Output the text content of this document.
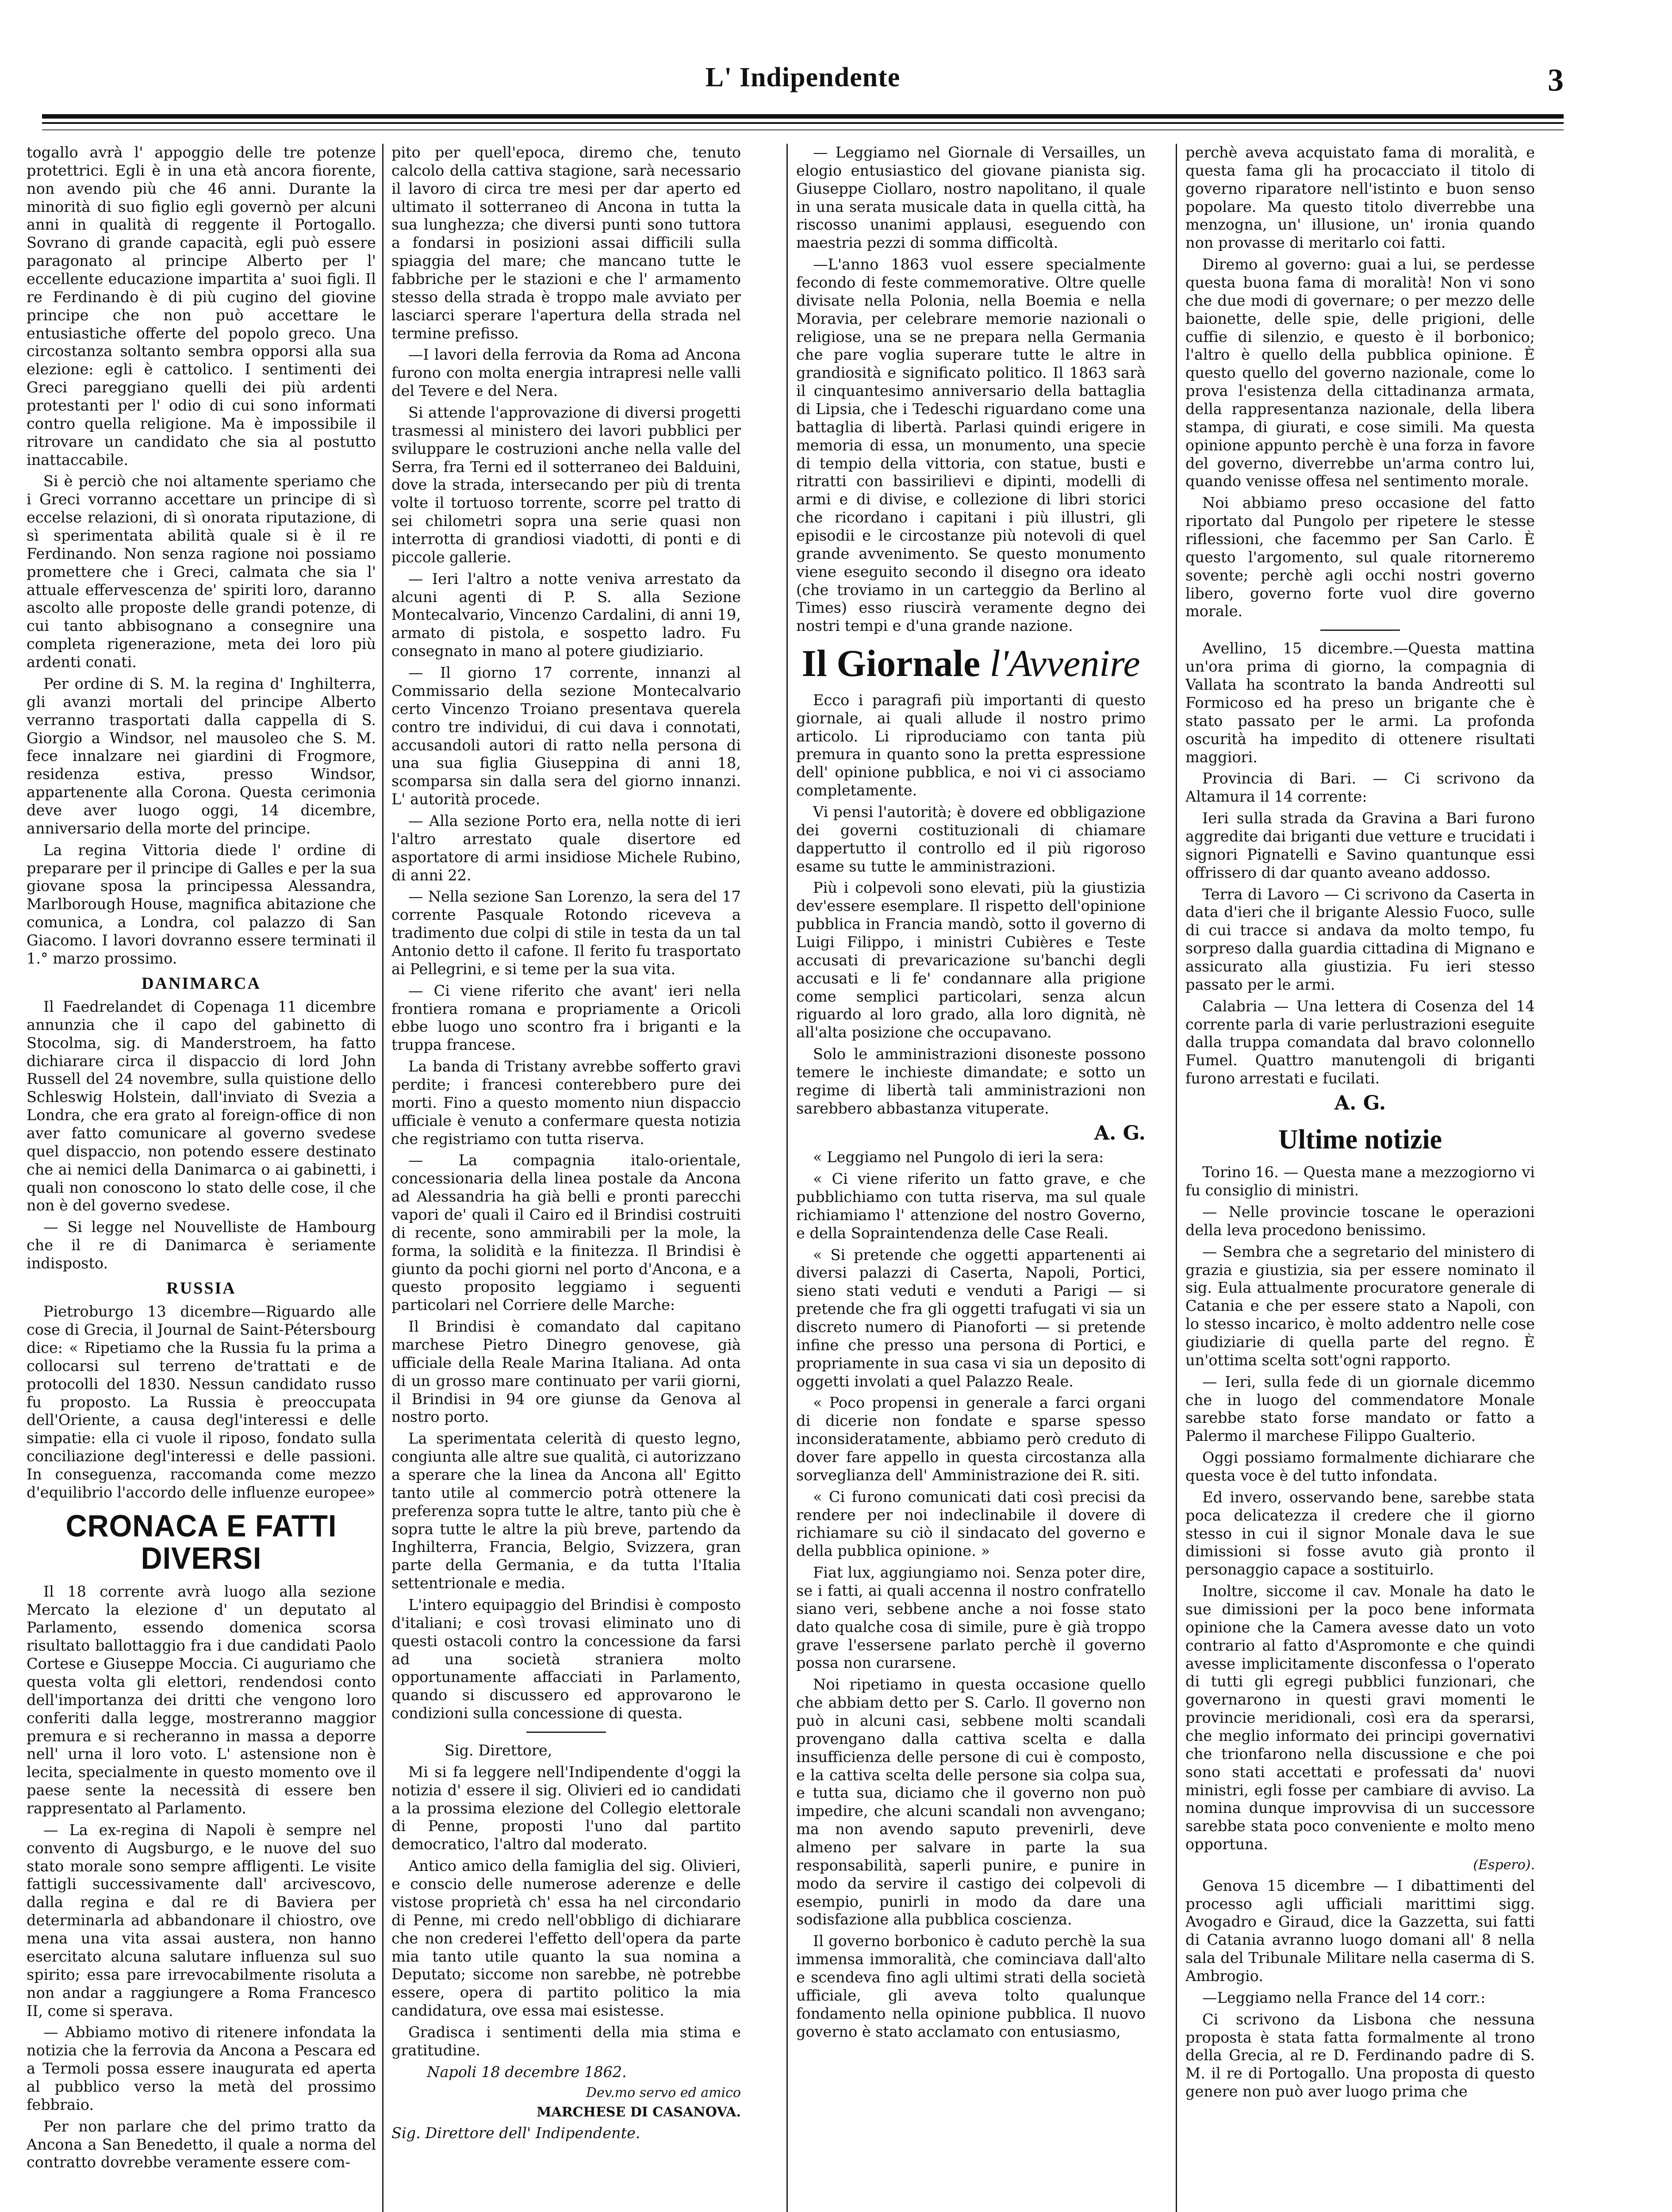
L' Indipendente	3

togallo avrà l' appoggio delle tre potenze protettrici. Egli è in una età ancora fiorente, non avendo più che 46 anni. Durante la minorità di suo figlio egli governò per alcuni anni in qualità di reggente il Portogallo. Sovrano di grande capacità, egli può essere paragonato al principe Alberto per l' eccellente educazione impartita a' suoi figli. Il re Ferdinando è di più cugino del giovine principe che non può accettare le entusiastiche offerte del popolo greco. Una circostanza soltanto sembra opporsi alla sua elezione: egli è cattolico. I sentimenti dei Greci pareggiano quelli dei più ardenti protestanti per l' odio di cui sono informati contro quella religione. Ma è impossibile il ritrovare un candidato che sia al postutto inattaccabile.

Si è perciò che noi altamente speriamo che i Greci vorranno accettare un principe di sì eccelse relazioni, di sì onorata riputazione, di sì sperimentata abilità quale si è il re Ferdinando. Non senza ragione noi possiamo promettere che i Greci, calmata che sia l' attuale effervescenza de' spiriti loro, daranno ascolto alle proposte delle grandi potenze, di cui tanto abbisognano a consegnire una completa rigenerazione, meta dei loro più ardenti conati.

Per ordine di S. M. la regina d' Inghilterra, gli avanzi mortali del principe Alberto verranno trasportati dalla cappella di S. Giorgio a Windsor, nel mausoleo che S. M. fece innalzare nei giardini di Frogmore, residenza estiva, presso Windsor, appartenente alla Corona. Questa cerimonia deve aver luogo oggi, 14 dicembre, anniversario della morte del principe.

La regina Vittoria diede l' ordine di preparare per il principe di Galles e per la sua giovane sposa la principessa Alessandra, Marlborough House, magnifica abitazione che comunica, a Londra, col palazzo di San Giacomo. I lavori dovranno essere terminati il 1.° marzo prossimo.

DANIMARCA

Il Faedrelandet di Copenaga 11 dicembre annunzia che il capo del gabinetto di Stocolma, sig. di Manderstroem, ha fatto dichiarare circa il dispaccio di lord John Russell del 24 novembre, sulla quistione dello Schleswig Holstein, dall'inviato di Svezia a Londra, che era grato al foreign-office di non aver fatto comunicare al governo svedese quel dispaccio, non potendo essere destinato che ai nemici della Danimarca o ai gabinetti, i quali non conoscono lo stato delle cose, il che non è del governo svedese.

— Si legge nel Nouvelliste de Hambourg che il re di Danimarca è seriamente indisposto.

RUSSIA

Pietroburgo 13 dicembre—Riguardo alle cose di Grecia, il Journal de Saint-Pétersbourg dice: « Ripetiamo che la Russia fu la prima a collocarsi sul terreno de'trattati e de protocolli del 1830. Nessun candidato russo fu proposto. La Russia è preoccupata dell'Oriente, a causa degl'interessi e delle simpatie: ella ci vuole il riposo, fondato sulla conciliazione degl'interessi e delle passioni. In conseguenza, raccomanda come mezzo d'equilibrio l'accordo delle influenze europee»

CRONACA E FATTI DIVERSI

Il 18 corrente avrà luogo alla sezione Mercato la elezione d' un deputato al Parlamento, essendo domenica scorsa risultato ballottaggio fra i due candidati Paolo Cortese e Giuseppe Moccia. Ci auguriamo che questa volta gli elettori, rendendosi conto dell'importanza dei dritti che vengono loro conferiti dalla legge, mostreranno maggior premura e si recheranno in massa a deporre nell' urna il loro voto. L' astensione non è lecita, specialmente in questo momento ove il paese sente la necessità di essere ben rappresentato al Parlamento.

— La ex-regina di Napoli è sempre nel convento di Augsburgo, e le nuove del suo stato morale sono sempre affligenti. Le visite fattigli successivamente dall' arcivescovo, dalla regina e dal re di Baviera per determinarla ad abbandonare il chiostro, ove mena una vita assai austera, non hanno esercitato alcuna salutare influenza sul suo spirito; essa pare irrevocabilmente risoluta a non andar a raggiungere a Roma Francesco II, come si sperava.

— Abbiamo motivo di ritenere infondata la notizia che la ferrovia da Ancona a Pescara ed a Termoli possa essere inaugurata ed aperta al pubblico verso la metà del prossimo febbraio.

Per non parlare che del primo tratto da Ancona a San Benedetto, il quale a norma del contratto dovrebbe veramente essere com-

pito per quell'epoca, diremo che, tenuto calcolo della cattiva stagione, sarà necessario il lavoro di circa tre mesi per dar aperto ed ultimato il sotterraneo di Ancona in tutta la sua lunghezza; che diversi punti sono tuttora a fondarsi in posizioni assai difficili sulla spiaggia del mare; che mancano tutte le fabbriche per le stazioni e che l' armamento stesso della strada è troppo male avviato per lasciarci sperare l'apertura della strada nel termine prefisso.

—I lavori della ferrovia da Roma ad Ancona furono con molta energia intrapresi nelle valli del Tevere e del Nera.

Si attende l'approvazione di diversi progetti trasmessi al ministero dei lavori pubblici per sviluppare le costruzioni anche nella valle del Serra, fra Terni ed il sotterraneo dei Balduini, dove la strada, intersecando per più di trenta volte il tortuoso torrente, scorre pel tratto di sei chilometri sopra una serie quasi non interrotta di grandiosi viadotti, di ponti e di piccole gallerie.

— Ieri l'altro a notte veniva arrestato da alcuni agenti di P. S. alla Sezione Montecalvario, Vincenzo Cardalini, di anni 19, armato di pistola, e sospetto ladro. Fu consegnato in mano al potere giudiziario.

— Il giorno 17 corrente, innanzi al Commissario della sezione Montecalvario certo Vincenzo Troiano presentava querela contro tre individui, di cui dava i connotati, accusandoli autori di ratto nella persona di una sua figlia Giuseppina di anni 18, scomparsa sin dalla sera del giorno innanzi. L' autorità procede.

— Alla sezione Porto era, nella notte di ieri l'altro arrestato quale disertore ed asportatore di armi insidiose Michele Rubino, di anni 22.

— Nella sezione San Lorenzo, la sera del 17 corrente Pasquale Rotondo riceveva a tradimento due colpi di stile in testa da un tal Antonio detto il cafone. Il ferito fu trasportato ai Pellegrini, e si teme per la sua vita.

— Ci viene riferito che avant' ieri nella frontiera romana e propriamente a Oricoli ebbe luogo uno scontro fra i briganti e la truppa francese.

La banda di Tristany avrebbe sofferto gravi perdite; i francesi conterebbero pure dei morti. Fino a questo momento niun dispaccio ufficiale è venuto a confermare questa notizia che registriamo con tutta riserva.

— La compagnia italo-orientale, concessionaria della linea postale da Ancona ad Alessandria ha già belli e pronti parecchi vapori de' quali il Cairo ed il Brindisi costruiti di recente, sono ammirabili per la mole, la forma, la solidità e la finitezza. Il Brindisi è giunto da pochi giorni nel porto d'Ancona, e a questo proposito leggiamo i seguenti particolari nel Corriere delle Marche:

Il Brindisi è comandato dal capitano marchese Pietro Dinegro genovese, già ufficiale della Reale Marina Italiana. Ad onta di un grosso mare continuato per varii giorni, il Brindisi in 94 ore giunse da Genova al nostro porto.

La sperimentata celerità di questo legno, congiunta alle altre sue qualità, ci autorizzano a sperare che la linea da Ancona all' Egitto tanto utile al commercio potrà ottenere la preferenza sopra tutte le altre, tanto più che è sopra tutte le altre la più breve, partendo da Inghilterra, Francia, Belgio, Svizzera, gran parte della Germania, e da tutta l'Italia settentrionale e media.

L'intero equipaggio del Brindisi è composto d'italiani; e così trovasi eliminato uno di questi ostacoli contro la concessione da farsi ad una società straniera molto opportunamente affacciati in Parlamento, quando si discussero ed approvarono le condizioni sulla concessione di questa.

Sig. Direttore,

Mi si fa leggere nell'Indipendente d'oggi la notizia d' essere il sig. Olivieri ed io candidati a la prossima elezione del Collegio elettorale di Penne, proposti l'uno dal partito democratico, l'altro dal moderato.

Antico amico della famiglia del sig. Olivieri, e conscio delle numerose aderenze e delle vistose proprietà ch' essa ha nel circondario di Penne, mi credo nell'obbligo di dichiarare che non crederei l'effetto dell'opera da parte mia tanto utile quanto la sua nomina a Deputato; siccome non sarebbe, nè potrebbe essere, opera di partito politico la mia candidatura, ove essa mai esistesse.

Gradisca i sentimenti della mia stima e gratitudine.

Napoli 18 decembre 1862.

Dev.mo servo ed amico

MARCHESE DI CASANOVA.

Sig. Direttore dell' Indipendente.

— Leggiamo nel Giornale di Versailles, un elogio entusiastico del giovane pianista sig. Giuseppe Ciollaro, nostro napolitano, il quale in una serata musicale data in quella città, ha riscosso unanimi applausi, eseguendo con maestria pezzi di somma difficoltà.

—L'anno 1863 vuol essere specialmente fecondo di feste commemorative. Oltre quelle divisate nella Polonia, nella Boemia e nella Moravia, per celebrare memorie nazionali o religiose, una se ne prepara nella Germania che pare voglia superare tutte le altre in grandiosità e significato politico. Il 1863 sarà il cinquantesimo anniversario della battaglia di Lipsia, che i Tedeschi riguardano come una battaglia di libertà. Parlasi quindi erigere in memoria di essa, un monumento, una specie di tempio della vittoria, con statue, busti e ritratti con bassirilievi e dipinti, modelli di armi e di divise, e collezione di libri storici che ricordano i capitani i più illustri, gli episodii e le circostanze più notevoli di quel grande avvenimento. Se questo monumento viene eseguito secondo il disegno ora ideato (che troviamo in un carteggio da Berlino al Times) esso riuscirà veramente degno dei nostri tempi e d'una grande nazione.

Il Giornale l'Avvenire

Ecco i paragrafi più importanti di questo giornale, ai quali allude il nostro primo articolo. Li riproduciamo con tanta più premura in quanto sono la pretta espressione dell' opinione pubblica, e noi vi ci associamo completamente.

Vi pensi l'autorità; è dovere ed obbligazione dei governi costituzionali di chiamare dappertutto il controllo ed il più rigoroso esame su tutte le amministrazioni.

Più i colpevoli sono elevati, più la giustizia dev'essere esemplare. Il rispetto dell'opinione pubblica in Francia mandò, sotto il governo di Luigi Filippo, i ministri Cubières e Teste accusati di prevaricazione su'banchi degli accusati e li fe' condannare alla prigione come semplici particolari, senza alcun riguardo al loro grado, alla loro dignità, nè all'alta posizione che occupavano.

Solo le amministrazioni disoneste possono temere le inchieste dimandate; e sotto un regime di libertà tali amministrazioni non sarebbero abbastanza vituperate.

A. G.

« Leggiamo nel Pungolo di ieri la sera:

« Ci viene riferito un fatto grave, e che pubblichiamo con tutta riserva, ma sul quale richiamiamo l' attenzione del nostro Governo, e della Sopraintendenza delle Case Reali.

« Si pretende che oggetti appartenenti ai diversi palazzi di Caserta, Napoli, Portici, sieno stati veduti e venduti a Parigi — si pretende che fra gli oggetti trafugati vi sia un discreto numero di Pianoforti — si pretende infine che presso una persona di Portici, e propriamente in sua casa vi sia un deposito di oggetti involati a quel Palazzo Reale.

« Poco propensi in generale a farci organi di dicerie non fondate e sparse spesso inconsideratamente, abbiamo però creduto di dover fare appello in questa circostanza alla sorveglianza dell' Amministrazione dei R. siti.

« Ci furono comunicati dati così precisi da rendere per noi indeclinabile il dovere di richiamare su ciò il sindacato del governo e della pubblica opinione. »

Fiat lux, aggiungiamo noi. Senza poter dire, se i fatti, ai quali accenna il nostro confratello siano veri, sebbene anche a noi fosse stato dato qualche cosa di simile, pure è già troppo grave l'essersene parlato perchè il governo possa non curarsene.

Noi ripetiamo in questa occasione quello che abbiam detto per S. Carlo. Il governo non può in alcuni casi, sebbene molti scandali provengano dalla cattiva scelta e dalla insufficienza delle persone di cui è composto, e la cattiva scelta delle persone sia colpa sua, e tutta sua, diciamo che il governo non può impedire, che alcuni scandali non avvengano; ma non avendo saputo prevenirli, deve almeno per salvare in parte la sua responsabilità, saperli punire, e punire in modo da servire il castigo dei colpevoli di esempio, punirli in modo da dare una sodisfazione alla pubblica coscienza.

Il governo borbonico è caduto perchè la sua immensa immoralità, che cominciava dall'alto e scendeva fino agli ultimi strati della società ufficiale, gli aveva tolto qualunque fondamento nella opinione pubblica. Il nuovo governo è stato acclamato con entusiasmo,

perchè aveva acquistato fama di moralità, e questa fama gli ha procacciato il titolo di governo riparatore nell'istinto e buon senso popolare. Ma questo titolo diverrebbe una menzogna, un' illusione, un' ironia quando non provasse di meritarlo coi fatti.

Diremo al governo: guai a lui, se perdesse questa buona fama di moralità! Non vi sono che due modi di governare; o per mezzo delle baionette, delle spie, delle prigioni, delle cuffie di silenzio, e questo è il borbonico; l'altro è quello della pubblica opinione. È questo quello del governo nazionale, come lo prova l'esistenza della cittadinanza armata, della rappresentanza nazionale, della libera stampa, di giurati, e cose simili. Ma questa opinione appunto perchè è una forza in favore del governo, diverrebbe un'arma contro lui, quando venisse offesa nel sentimento morale.

Noi abbiamo preso occasione del fatto riportato dal Pungolo per ripetere le stesse riflessioni, che facemmo per San Carlo. È questo l'argomento, sul quale ritorneremo sovente; perchè agli occhi nostri governo libero, governo forte vuol dire governo morale.

Avellino, 15 dicembre.—Questa mattina un'ora prima di giorno, la compagnia di Vallata ha scontrato la banda Andreotti sul Formicoso ed ha preso un brigante che è stato passato per le armi. La profonda oscurità ha impedito di ottenere risultati maggiori.

Provincia di Bari. — Ci scrivono da Altamura il 14 corrente:

Ieri sulla strada da Gravina a Bari furono aggredite dai briganti due vetture e trucidati i signori Pignatelli e Savino quantunque essi offrissero di dar quanto aveano addosso.

Terra di Lavoro — Ci scrivono da Caserta in data d'ieri che il brigante Alessio Fuoco, sulle di cui tracce si andava da molto tempo, fu sorpreso dalla guardia cittadina di Mignano e assicurato alla giustizia. Fu ieri stesso passato per le armi.

Calabria — Una lettera di Cosenza del 14 corrente parla di varie perlustrazioni eseguite dalla truppa comandata dal bravo colonnello Fumel. Quattro manutengoli di briganti furono arrestati e fucilati.

A. G.
Ultime notizie

Torino 16. — Questa mane a mezzogiorno vi fu consiglio di ministri.

— Nelle provincie toscane le operazioni della leva procedono benissimo.

— Sembra che a segretario del ministero di grazia e giustizia, sia per essere nominato il sig. Eula attualmente procuratore generale di Catania e che per essere stato a Napoli, con lo stesso incarico, è molto addentro nelle cose giudiziarie di quella parte del regno. È un'ottima scelta sott'ogni rapporto.

— Ieri, sulla fede di un giornale dicemmo che in luogo del commendatore Monale sarebbe stato forse mandato or fatto a Palermo il marchese Filippo Gualterio.

Oggi possiamo formalmente dichiarare che questa voce è del tutto infondata.

Ed invero, osservando bene, sarebbe stata poca delicatezza il credere che il giorno stesso in cui il signor Monale dava le sue dimissioni si fosse avuto già pronto il personaggio capace a sostituirlo.

Inoltre, siccome il cav. Monale ha dato le sue dimissioni per la poco bene informata opinione che la Camera avesse dato un voto contrario al fatto d'Aspromonte e che quindi avesse implicitamente disconfessa o l'operato di tutti gli egregi pubblici funzionari, che governarono in questi gravi momenti le provincie meridionali, così era da sperarsi, che meglio informato dei principi governativi che trionfarono nella discussione e che poi sono stati accettati e professati da' nuovi ministri, egli fosse per cambiare di avviso. La nomina dunque improvvisa di un successore sarebbe stata poco conveniente e molto meno opportuna.

(Espero).

Genova 15 dicembre — I dibattimenti del processo agli ufficiali marittimi sigg. Avogadro e Giraud, dice la Gazzetta, sui fatti di Catania avranno luogo domani all' 8 nella sala del Tribunale Militare nella caserma di S. Ambrogio.

—Leggiamo nella France del 14 corr.:

Ci scrivono da Lisbona che nessuna proposta è stata fatta formalmente al trono della Grecia, al re D. Ferdinando padre di S. M. il re di Portogallo. Una proposta di questo genere non può aver luogo prima che
